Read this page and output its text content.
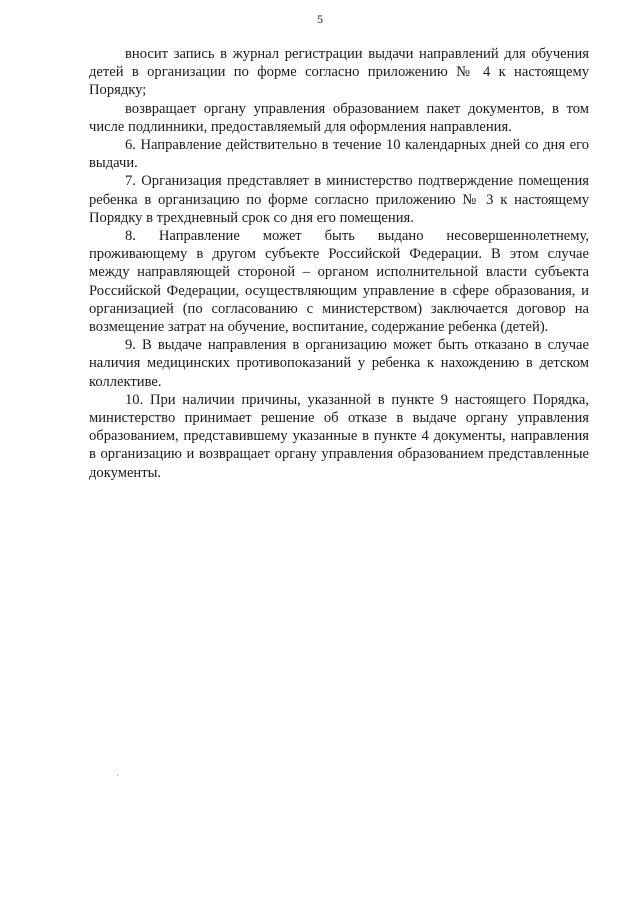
5

вносит запись в журнал регистрации выдачи направлений для обучения детей в организации по форме согласно приложению № 4 к настоящему Порядку;

возвращает органу управления образованием пакет документов, в том числе подлинники, предоставляемый для оформления направления.

6. Направление действительно в течение 10 календарных дней со дня его выдачи.

7. Организация представляет в министерство подтверждение помещения ребенка в организацию по форме согласно приложению № 3 к настоящему Порядку в трехдневный срок со дня его помещения.

8. Направление может быть выдано несовершеннолетнему, проживающему в другом субъекте Российской Федерации. В этом случае между направляющей стороной – органом исполнительной власти субъекта Российской Федерации, осуществляющим управление в сфере образования, и организацией (по согласованию с министерством) заключается договор на возмещение затрат на обучение, воспитание, содержание ребенка (детей).

9. В выдаче направления в организацию может быть отказано в случае наличия медицинских противопоказаний у ребенка к нахождению в детском коллективе.

10. При наличии причины, указанной в пункте 9 настоящего Порядка, министерство принимает решение об отказе в выдаче органу управления образованием, представившему указанные в пункте 4 документы, направления в организацию и возвращает органу управления образованием представленные документы.
